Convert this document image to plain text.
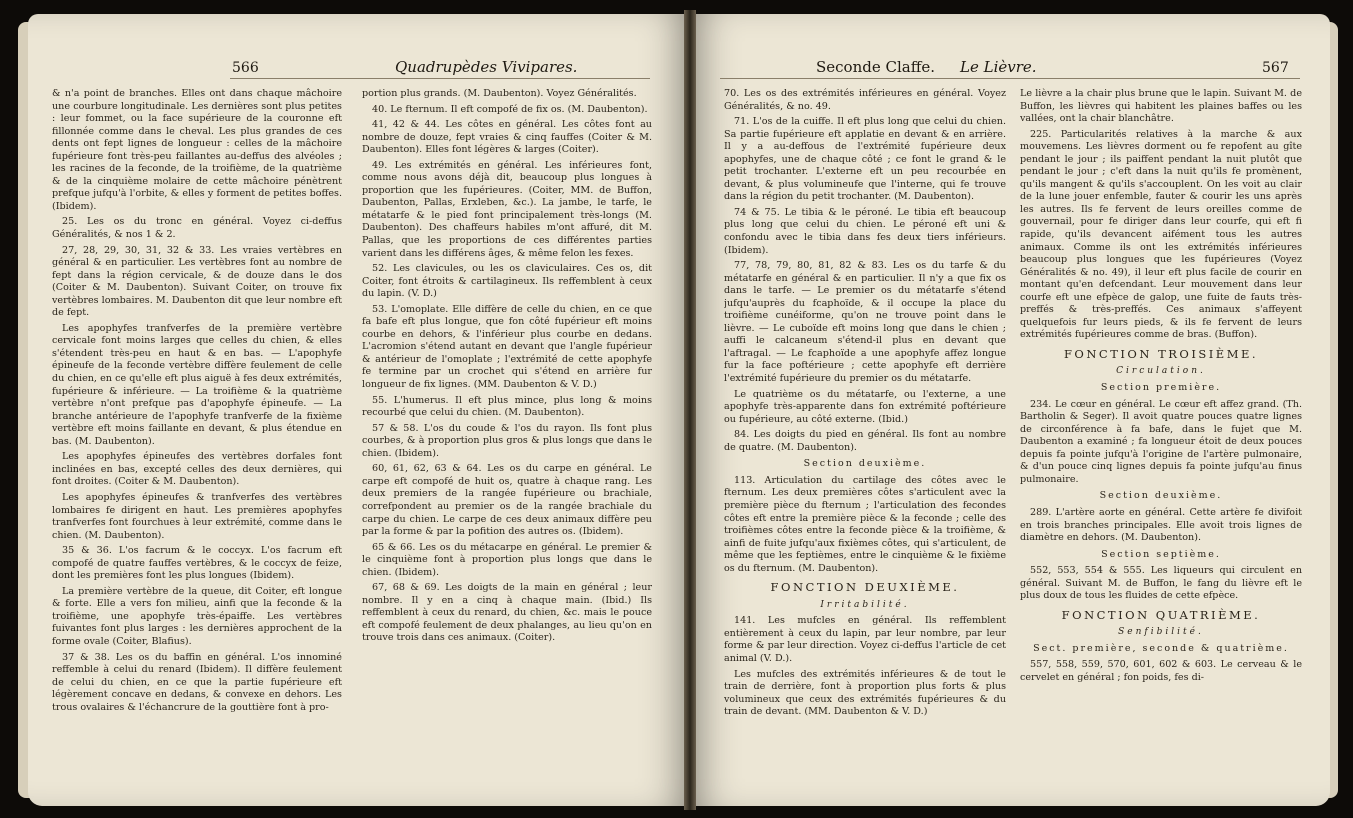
566	Quadrupèdes Vivipares.	Seconde Claffe. Le Lièvre.	567

& n'a point de branches. Elles ont dans chaque mâchoire une courbure longitudinale. Les dernières sont plus petites : leur fommet, ou la face supérieure de la couronne eft fillonnée comme dans le cheval. Les plus grandes de ces dents ont fept lignes de longueur : celles de la mâchoire fupérieure font très-peu faillantes au-deffus des alvéoles ; les racines de la feconde, de la troifième, de la quatrième & de la cinquième molaire de cette mâchoire pénètrent prefque jufqu'à l'orbite, & elles y forment de petites boffes. (Ibidem).

25. Les os du tronc en général. Voyez ci-deffus Généralités, & nos 1 & 2.

27, 28, 29, 30, 31, 32 & 33. Les vraies vertèbres en général & en particulier. Les vertèbres font au nombre de fept dans la région cervicale, & de douze dans le dos (Coiter & M. Daubenton). Suivant Coiter, on trouve fix vertèbres lombaires. M. Daubenton dit que leur nombre eft de fept.

Les apophyfes tranfverfes de la première vertèbre cervicale font moins larges que celles du chien, & elles s'étendent très-peu en haut & en bas. — L'apophyfe épineufe de la feconde vertèbre diffère feulement de celle du chien, en ce qu'elle eft plus aiguë à fes deux extrémités, fupérieure & inférieure. — La troifième & la quatrième vertèbre n'ont prefque pas d'apophyfe épineufe. — La branche antérieure de l'apophyfe tranfverfe de la fixième vertèbre eft moins faillante en devant, & plus étendue en bas. (M. Daubenton).

Les apophyfes épineufes des vertèbres dorfales font inclinées en bas, excepté celles des deux dernières, qui font droites. (Coiter & M. Daubenton).

Les apophyfes épineufes & tranfverfes des vertèbres lombaires fe dirigent en haut. Les premières apophyfes tranfverfes font fourchues à leur extrémité, comme dans le chien. (M. Daubenton).

35 & 36. L'os facrum & le coccyx. L'os facrum eft compofé de quatre fauffes vertèbres, & le coccyx de feize, dont les premières font les plus longues (Ibidem).

La première vertèbre de la queue, dit Coiter, eft longue & forte. Elle a vers fon milieu, ainfi que la feconde & la troifième, une apophyfe très-épaiffe. Les vertèbres fuivantes font plus larges : les dernières approchent de la forme ovale (Coiter, Blafius).

37 & 38. Les os du baffin en général. L'os innominé reffemble à celui du renard (Ibidem). Il diffère feulement de celui du chien, en ce que la partie fupérieure eft légèrement concave en dedans, & convexe en dehors. Les trous ovalaires & l'échancrure de la gouttière font à pro-

portion plus grands. (M. Daubenton). Voyez Généralités.

40. Le fternum. Il eft compofé de fix os. (M. Daubenton).

41, 42 & 44. Les côtes en général. Les côtes font au nombre de douze, fept vraies & cinq fauffes (Coiter & M. Daubenton). Elles font légères & larges (Coiter).

49. Les extrémités en général. Les inférieures font, comme nous avons déjà dit, beaucoup plus longues à proportion que les fupérieures. (Coiter, MM. de Buffon, Daubenton, Pallas, Erxleben, &c.). La jambe, le tarfe, le métatarfe & le pied font principalement très-longs (M. Daubenton). Des chaffeurs habiles m'ont affuré, dit M. Pallas, que les proportions de ces différentes parties varient dans les différens âges, & même felon les fexes.

52. Les clavicules, ou les os claviculaires. Ces os, dit Coiter, font étroits & cartilagineux. Ils reffemblent à ceux du lapin. (V. D.)

53. L'omoplate. Elle diffère de celle du chien, en ce que fa bafe eft plus longue, que fon côté fupérieur eft moins courbe en dehors, & l'inférieur plus courbe en dedans. L'acromion s'étend autant en devant que l'angle fupérieur & antérieur de l'omoplate ; l'extrémité de cette apophyfe fe termine par un crochet qui s'étend en arrière fur longueur de fix lignes. (MM. Daubenton & V. D.)

55. L'humerus. Il eft plus mince, plus long & moins recourbé que celui du chien. (M. Daubenton).

57 & 58. L'os du coude & l'os du rayon. Ils font plus courbes, & à proportion plus gros & plus longs que dans le chien. (Ibidem).

60, 61, 62, 63 & 64. Les os du carpe en général. Le carpe eft compofé de huit os, quatre à chaque rang. Les deux premiers de la rangée fupérieure ou brachiale, correfpondent au premier os de la rangée brachiale du carpe du chien. Le carpe de ces deux animaux diffère peu par la forme & par la pofition des autres os. (Ibidem).

65 & 66. Les os du métacarpe en général. Le premier & le cinquième font à proportion plus longs que dans le chien. (Ibidem).

67, 68 & 69. Les doigts de la main en général ; leur nombre. Il y en a cinq à chaque main. (Ibid.) Ils reffemblent à ceux du renard, du chien, &c. mais le pouce eft compofé feulement de deux phalanges, au lieu qu'on en trouve trois dans ces animaux. (Coiter).

70. Les os des extrémités inférieures en général. Voyez Généralités, & no. 49.

71. L'os de la cuiffe. Il eft plus long que celui du chien. Sa partie fupérieure eft applatie en devant & en arrière. Il y a au-deffous de l'extrémité fupérieure deux apophyfes, une de chaque côté ; ce font le grand & le petit trochanter. L'externe eft un peu recourbée en devant, & plus volumineufe que l'interne, qui fe trouve dans la région du petit trochanter. (M. Daubenton).

74 & 75. Le tibia & le péroné. Le tibia eft beaucoup plus long que celui du chien. Le péroné eft uni & confondu avec le tibia dans fes deux tiers inférieurs. (Ibidem).

77, 78, 79, 80, 81, 82 & 83. Les os du tarfe & du métatarfe en général & en particulier. Il n'y a que fix os dans le tarfe. — Le premier os du métatarfe s'étend jufqu'auprès du fcaphoïde, & il occupe la place du troifième cunéiforme, qu'on ne trouve point dans le lièvre. — Le cuboïde eft moins long que dans le chien ; auffi le calcaneum s'étend-il plus en devant que l'aftragal. — Le fcaphoïde a une apophyfe affez longue fur la face poftérieure ; cette apophyfe eft derrière l'extrémité fupérieure du premier os du métatarfe.

Le quatrième os du métatarfe, ou l'externe, a une apophyfe très-apparente dans fon extrémité poftérieure ou fupérieure, au côté externe. (Ibid.)

84. Les doigts du pied en général. Ils font au nombre de quatre. (M. Daubenton).

Section deuxième.

113. Articulation du cartilage des côtes avec le fternum. Les deux premières côtes s'articulent avec la première pièce du fternum ; l'articulation des fecondes côtes eft entre la première pièce & la feconde ; celle des troifièmes côtes entre la feconde pièce & la troifième, & ainfi de fuite jufqu'aux fixièmes côtes, qui s'articulent, de même que les feptièmes, entre le cinquième & le fixième os du fternum. (M. Daubenton).

FONCTION DEUXIÈME.
Irritabilité.

141. Les mufcles en général. Ils reffemblent entièrement à ceux du lapin, par leur nombre, par leur forme & par leur direction. Voyez ci-deffus l'article de cet animal (V. D.).

Les mufcles des extrémités inférieures & de tout le train de derrière, font à proportion plus forts & plus volumineux que ceux des extrémités fupérieures & du train de devant. (MM. Daubenton & V. D.)

Le lièvre a la chair plus brune que le lapin. Suivant M. de Buffon, les lièvres qui habitent les plaines baffes ou les vallées, ont la chair blanchâtre.

225. Particularités relatives à la marche & aux mouvemens. Les lièvres dorment ou fe repofent au gîte pendant le jour ; ils paiffent pendant la nuit plutôt que pendant le jour ; c'eft dans la nuit qu'ils fe promènent, qu'ils mangent & qu'ils s'accouplent. On les voit au clair de la lune jouer enfemble, fauter & courir les uns après les autres. Ils fe fervent de leurs oreilles comme de gouvernail, pour fe diriger dans leur courfe, qui eft fi rapide, qu'ils devancent aifément tous les autres animaux. Comme ils ont les extrémités inférieures beaucoup plus longues que les fupérieures (Voyez Généralités & no. 49), il leur eft plus facile de courir en montant qu'en defcendant. Leur mouvement dans leur courfe eft une efpèce de galop, une fuite de fauts très-preffés & très-preffés. Ces animaux s'affeyent quelquefois fur leurs pieds, & ils fe fervent de leurs extrémités fupérieures comme de bras. (Buffon).

FONCTION TROISIÈME.
Circulation.
Section première.

234. Le cœur en général. Le cœur eft affez grand. (Th. Bartholin & Seger). Il avoit quatre pouces quatre lignes de circonférence à fa bafe, dans le fujet que M. Daubenton a examiné ; fa longueur étoit de deux pouces depuis fa pointe jufqu'à l'origine de l'artère pulmonaire, & d'un pouce cinq lignes depuis fa pointe jufqu'au finus pulmonaire.

Section deuxième.

289. L'artère aorte en général. Cette artère fe divifoit en trois branches principales. Elle avoit trois lignes de diamètre en dehors. (M. Daubenton).

Section septième.

552, 553, 554 & 555. Les liqueurs qui circulent en général. Suivant M. de Buffon, le fang du lièvre eft le plus doux de tous les fluides de cette efpèce.

FONCTION QUATRIÈME.
Senfibilité.
Sect. première, seconde & quatrième.

557, 558, 559, 570, 601, 602 & 603. Le cerveau & le cervelet en général ; fon poids, fes di-
